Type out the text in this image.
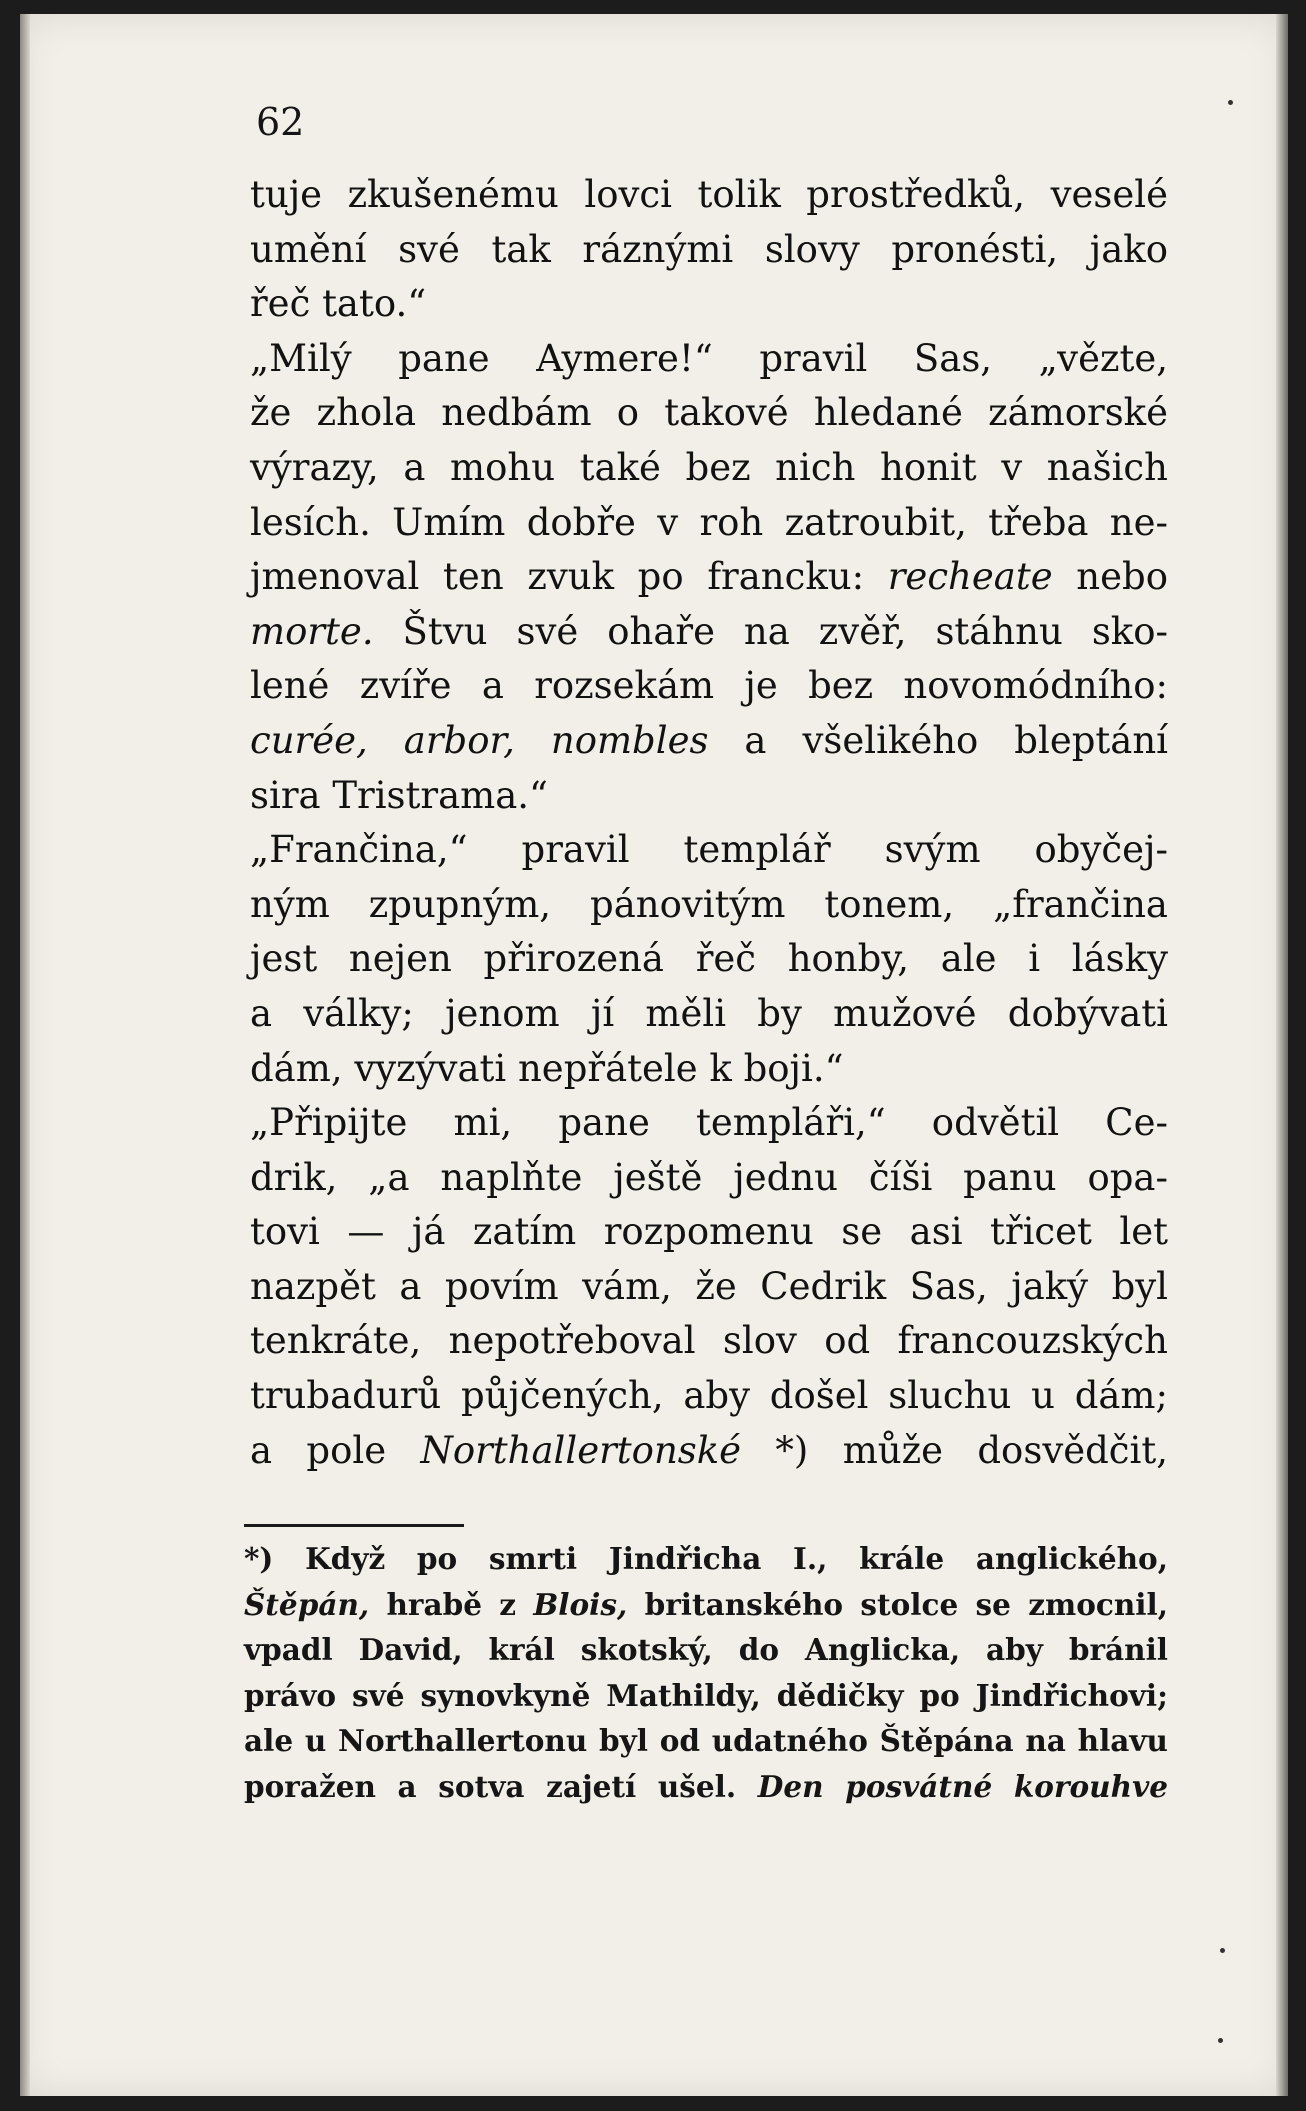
62
tuje zkušenému lovci tolik prostředků, veselé
umění své tak ráznými slovy pronésti, jako
řeč tato.“
„Milý pane Aymere!“ pravil Sas, „vězte,
že zhola nedbám o takové hledané zámorské
výrazy, a mohu také bez nich honit v našich
lesích. Umím dobře v roh zatroubit, třeba ne-
jmenoval ten zvuk po francku: recheate nebo
morte. Štvu své ohaře na zvěř, stáhnu sko-
lené zvíře a rozsekám je bez novomódního:
curée, arbor, nombles a všelikého bleptání
sira Tristrama.“
„Frančina,“ pravil templář svým obyčej-
ným zpupným, pánovitým tonem, „frančina
jest nejen přirozená řeč honby, ale i lásky
a války; jenom jí měli by mužové dobývati
dám, vyzývati nepřátele k boji.“
„Připijte mi, pane templáři,“ odvětil Ce-
drik, „a naplňte ještě jednu číši panu opa-
tovi — já zatím rozpomenu se asi třicet let
nazpět a povím vám, že Cedrik Sas, jaký byl
tenkráte, nepotřeboval slov od francouzských
trubadurů půjčených, aby došel sluchu u dám;
a pole Northallertonské *) může dosvědčit,
*) Když po smrti Jindřicha I., krále anglického,
Štěpán, hrabě z Blois, britanského stolce se zmocnil,
vpadl David, král skotský, do Anglicka, aby bránil
právo své synovkyně Mathildy, dědičky po Jindřichovi;
ale u Northallertonu byl od udatného Štěpána na hlavu
poražen a sotva zajetí ušel. Den posvátné korouhve
